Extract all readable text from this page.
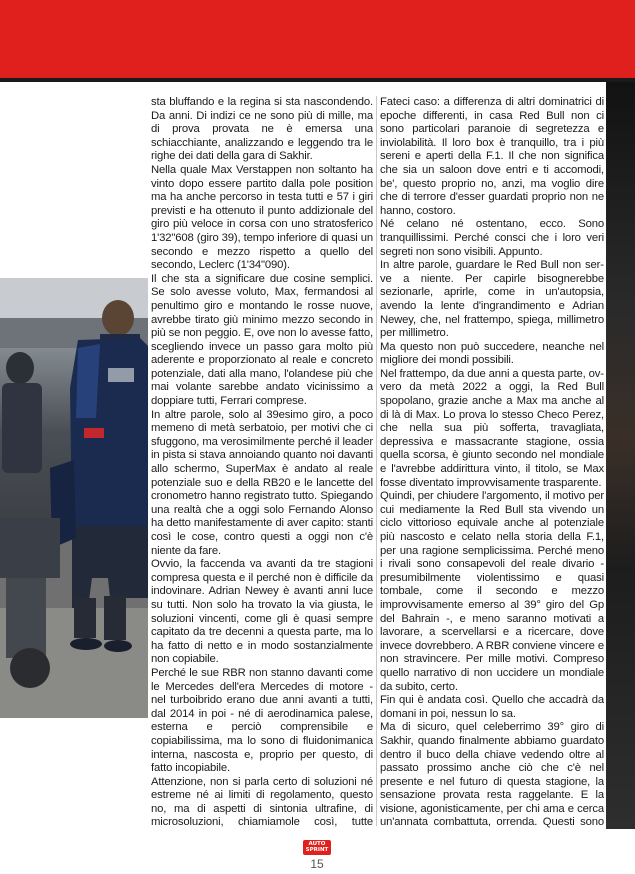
sta bluffando e la regina si sta nascondendo. Da anni. Di indizi ce ne sono più di mille, ma di prova provata ne è emersa una schiacchiante, analizzando e leggendo tra le righe dei dati della gara di Sakhir.

Nella quale Max Verstappen non soltanto ha vinto dopo essere partito dalla pole position ma ha anche percorso in testa tutti e 57 i giri previsti e ha ottenuto il punto addizionale del giro più veloce in corsa con uno stratosferico 1'32"608 (giro 39), tempo inferiore di quasi un secondo e mezzo rispetto a quello del secondo, Leclerc (1'34"090).

Il che sta a significare due cosine semplici. Se solo avesse voluto, Max, fermandosi al penultimo giro e montando le rosse nuove, avrebbe tirato giù minimo mezzo secondo in più se non peggio. E, ove non lo avesse fatto, scegliendo invece un passo gara molto più aderente e proporzionato al reale e concreto potenziale, dati alla mano, l'olandese più che mai volante sarebbe andato vicinissimo a doppiare tutti, Ferrari comprese.

In altre parole, solo al 39esimo giro, a poco memeno di metà serbatoio, per motivi che ci sfuggono, ma verosimilmente perché il leader in pista si stava annoiando quanto noi davanti allo schermo, SuperMax è andato al reale potenziale suo e della RB20 e le lancette del cronometro hanno registrato tutto. Spiegando una realtà che a oggi solo Fernando Alonso ha detto manifestamente di aver capito: stanti così le cose, contro questi a oggi non c'è niente da fare.

Ovvio, la faccenda va avanti da tre stagioni compresa questa e il perché non è difficile da indovinare. Adrian Newey è avanti anni luce su tutti. Non solo ha trovato la via giusta, le soluzioni vincenti, come gli è quasi sempre capitato da tre decenni a questa parte, ma lo ha fatto di netto e in modo sostanzialmente non copiabile.

Perché le sue RBR non stanno davanti come le Mercedes dell'era Mercedes di motore - nel turboibrido erano due anni avanti a tutti, dal 2014 in poi - né di aerodinamica palese, esterna e perciò comprensibile e copiabilissima, ma lo sono di fluidonimanica interna, nascosta e, proprio per questo, di fatto incopiabile.

Attenzione, non si parla certo di soluzioni né estreme né ai limiti di regolamento, questo no, ma di aspetti di sintonia ultrafine, di microsoluzioni, chiamiamole così, tutte

Fateci caso: a differenza di altri dominatrici di epoche differenti, in casa Red Bull non ci sono particolari paranoie di segretezza e inviolabilità. Il loro box è tranquillo, tra i più sereni e aperti della F.1. Il che non significa che sia un saloon dove entri e ti accomodi, be', questo proprio no, anzi, ma voglio dire che di terrore d'esser guardati proprio non ne hanno, costoro.

Né celano né ostentano, ecco. Sono tranquillissimi. Perché consci che i loro veri segreti non sono visibili. Appunto.

In altre parole, guardare le Red Bull non serve a niente. Per capirle bisognerebbe sezionarle, aprirle, come in un'autopsia, avendo la lente d'ingrandimento e Adrian Newey, che, nel frattempo, spiega, millimetro per millimetro.

Ma questo non può succedere, neanche nel migliore dei mondi possibili.

Nel frattempo, da due anni a questa parte, ovvero da metà 2022 a oggi, la Red Bull spopolano, grazie anche a Max ma anche al di là di Max. Lo prova lo stesso Checo Perez, che nella sua più sofferta, travagliata, depressiva e massacrante stagione, ossia quella scorsa, è giunto secondo nel mondiale e l'avrebbe addirittura vinto, il titolo, se Max fosse diventato improvvisamente trasparente.

Quindi, per chiudere l'argomento, il motivo per cui mediamente la Red Bull sta vivendo un ciclo vittorioso equivale anche al potenziale più nascosto e celato nella storia della F.1, per una ragione semplicissima. Perché meno i rivali sono consapevoli del reale divario - presumibilmente violentissimo e quasi tombale, come il secondo e mezzo improvvisamente emerso al 39° giro del Gp del Bahrain -, e meno saranno motivati a lavorare, a scervellarsi e a ricercare, dove invece dovrebbero. A RBR conviene vincere e non stravincere. Per mille motivi. Compreso quello narrativo di non uccidere un mondiale da subito, certo.

Fin qui è andata così. Quello che accadrà da domani in poi, nessun lo sa.

Ma di sicuro, quel celeberrimo 39° giro di Sakhir, quando finalmente abbiamo guardato dentro il buco della chiave vedendo oltre al passato prossimo anche ciò che c'è nel presente e nel futuro di questa stagione, la sensazione provata resta raggelante. E la visione, agonisticamente, per chi ama e cerca un'annata combattuta, orrenda. Questi sono

AUTO
SPRINT
15
